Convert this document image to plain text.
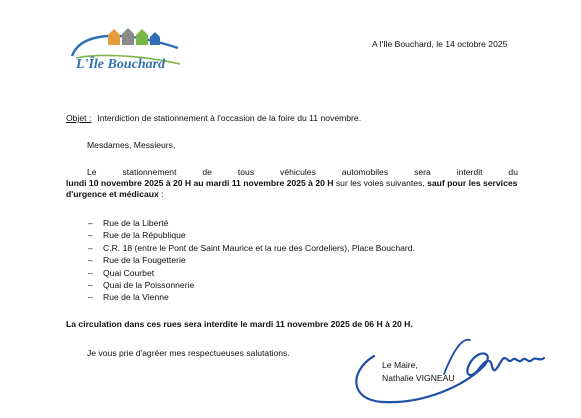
L'Île Bouchard
A l'Ile Bouchard, le 14 octobre 2025
Objet : Interdiction de stationnement à l'occasion de la foire du 11 novembre.
Mesdames, Messieurs,
Le	stationnement	de	tous	véhicules	automobiles	sera	interdit	du
lundi 10 novembre 2025 à 20 H au mardi 11 novembre 2025 à 20 H sur les voies suivantes, sauf pour les services
d'urgence et médicaux :
–	Rue de la Liberté
–	Rue de la République
–	C.R. 18 (entre le Pont de Saint Maurice et la rue des Cordeliers), Place Bouchard.
–	Rue de la Fougetterie
–	Quai Courbet
–	Quai de la Poissonnerie
–	Rue de la Vienne
La circulation dans ces rues sera interdite le mardi 11 novembre 2025 de 06 H à 20 H.
Je vous prie d'agréer mes respectueuses salutations.
Le Maire,
Nathalie VIGNEAU
